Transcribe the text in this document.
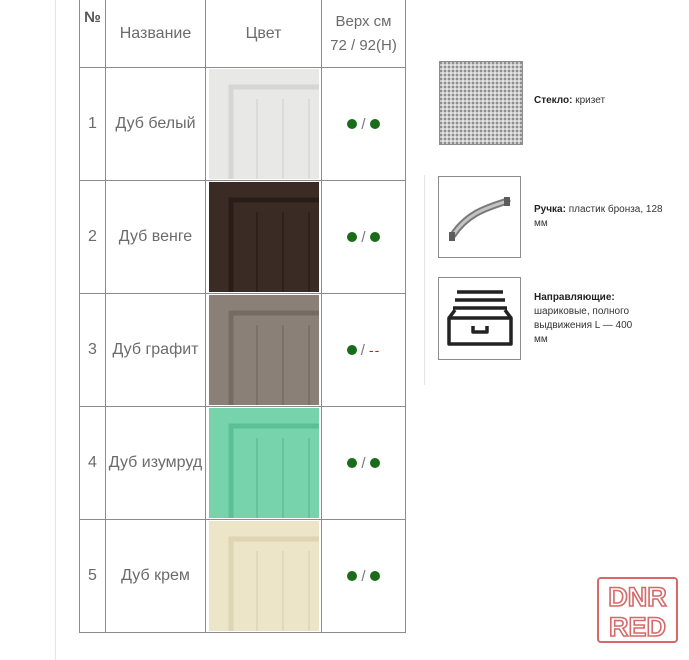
№	Название	Цвет	Верх см
72 / 92(Н)
1	Дуб белый		/
2	Дуб венге		/
3	Дуб графит		/ --
4	Дуб изумруд		/
5	Дуб крем		/
Стекло: кризет
Ручка: пластик бронза, 128 мм
Направляющие:

шариковые, полного выдвижения L — 400 мм
DNR
RED
